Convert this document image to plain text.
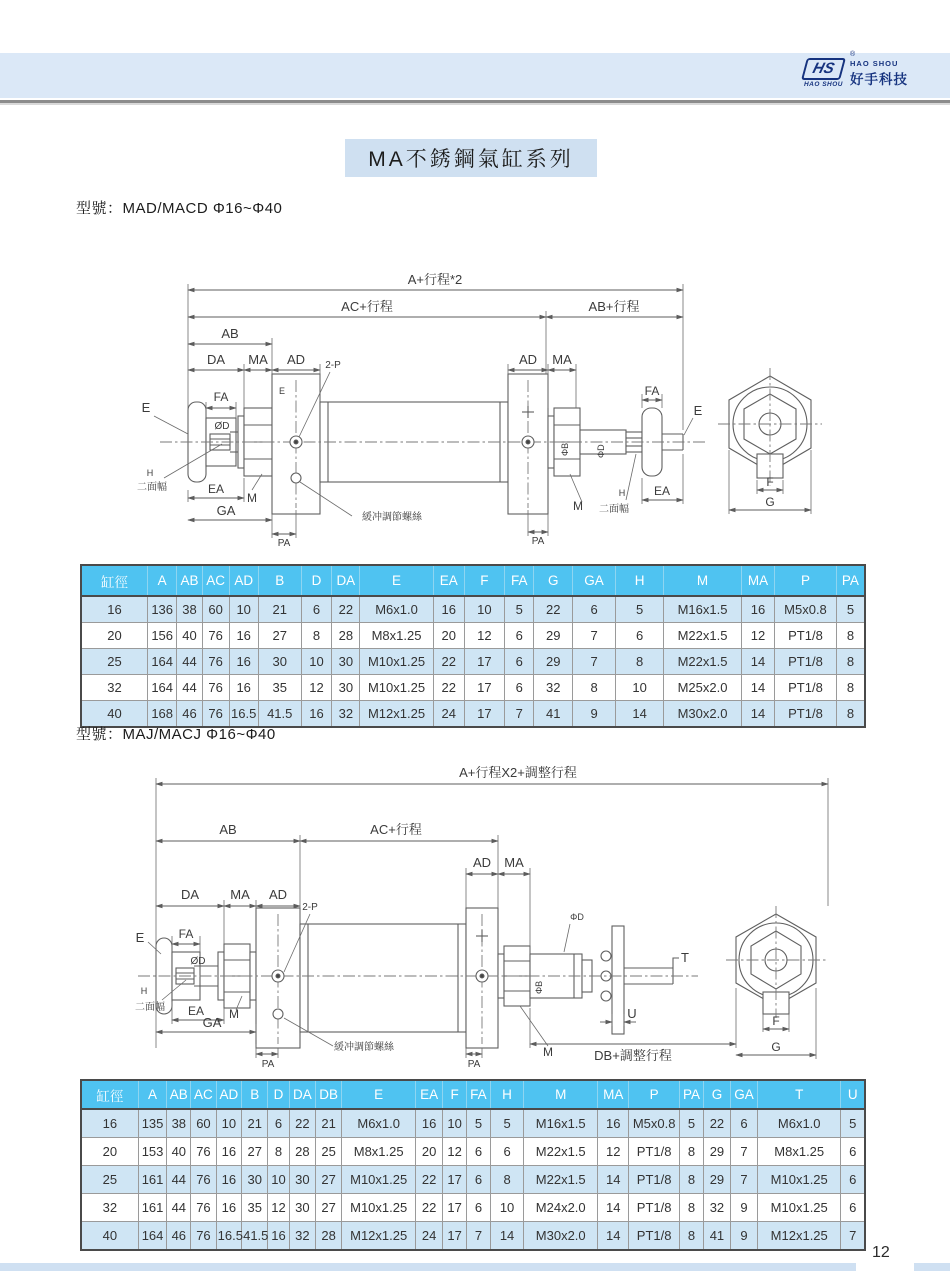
HS
HAO SHOU
®
HAO SHOU
好手科技
MA不銹鋼氣缸系列
型號：MAD/MACD Φ16~Φ40
A+行程*2
AC+行程	AB+行程
AB
DA MA AD	AD MA
E
E
FA
ØD
H
二面幅	EA
M
GA
PA
2-P
緩冲調節螺絲
ΦB	ΦD
FA
E
M
H
二面幅
EA
PA
F
G
缸徑	A	AB	AC	AD	B	D	DA	E	EA	F	FA	G	GA	H	M	MA	P	PA
16	136	38	60	10	21	6	22	M6x1.0	16	10	5	22	6	5	M16x1.5	16	M5x0.8	5
20	156	40	76	16	27	8	28	M8x1.25	20	12	6	29	7	6	M22x1.5	12	PT1/8	8
25	164	44	76	16	30	10	30	M10x1.25	22	17	6	29	7	8	M22x1.5	14	PT1/8	8
32	164	44	76	16	35	12	30	M10x1.25	22	17	6	32	8	10	M25x2.0	14	PT1/8	8
40	168	46	76	16.5	41.5	16	32	M12x1.25	24	17	7	41	9	14	M30x2.0	14	PT1/8	8
型號：MAJ/MACJ Φ16~Φ40
A+行程X2+調整行程
AB	AC+行程
AD MA
DA MA AD
E	FA
ØD
H
二面幅 EA M
GA
PA
2-P
緩冲調節螺絲
ΦB
ΦD
T
U
DB+調整行程
M
PA
F
G
缸徑	A	AB	AC	AD	B	D	DA	DB	E	EA	F	FA	H	M	MA	P	PA	G	GA	T	U
16	135	38	60	10	21	6	22	21	M6x1.0	16	10	5	5	M16x1.5	16	M5x0.8	5	22	6	M6x1.0	5
20	153	40	76	16	27	8	28	25	M8x1.25	20	12	6	6	M22x1.5	12	PT1/8	8	29	7	M8x1.25	6
25	161	44	76	16	30	10	30	27	M10x1.25	22	17	6	8	M22x1.5	14	PT1/8	8	29	7	M10x1.25	6
32	161	44	76	16	35	12	30	27	M10x1.25	22	17	6	10	M24x2.0	14	PT1/8	8	32	9	M10x1.25	6
40	164	46	76	16.5	41.5	16	32	28	M12x1.25	24	17	7	14	M30x2.0	14	PT1/8	8	41	9	M12x1.25	7
12
